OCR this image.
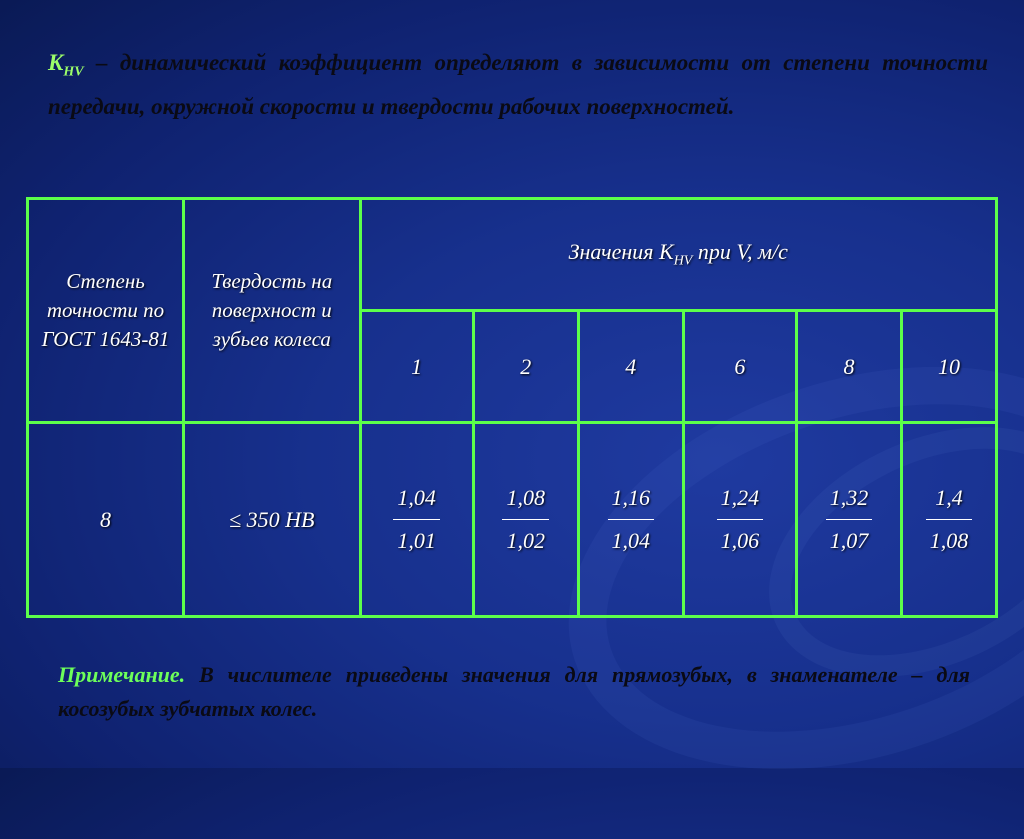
$K_{HV}$ – динамический коэффициент определяют в зависимости от степени точности передачи, окружной скорости и твердости рабочих поверхностей.
Степень точности по ГОСТ 1643-81	Твердость на поверхност и зубьев колеса	Значения $K_{HV}$ при V, м/с					
		1	2	4	6	8	10
8	≤ 350 НВ	$\frac{1,04}{1,01}$	$\frac{1,08}{1,02}$	$\frac{1,16}{1,04}$	$\frac{1,24}{1,06}$	$\frac{1,32}{1,07}$	$\frac{1,4}{1,08}$
Примечание. В числителе приведены значения для прямозубых, в знаменателе – для косозубых зубчатых колес.
